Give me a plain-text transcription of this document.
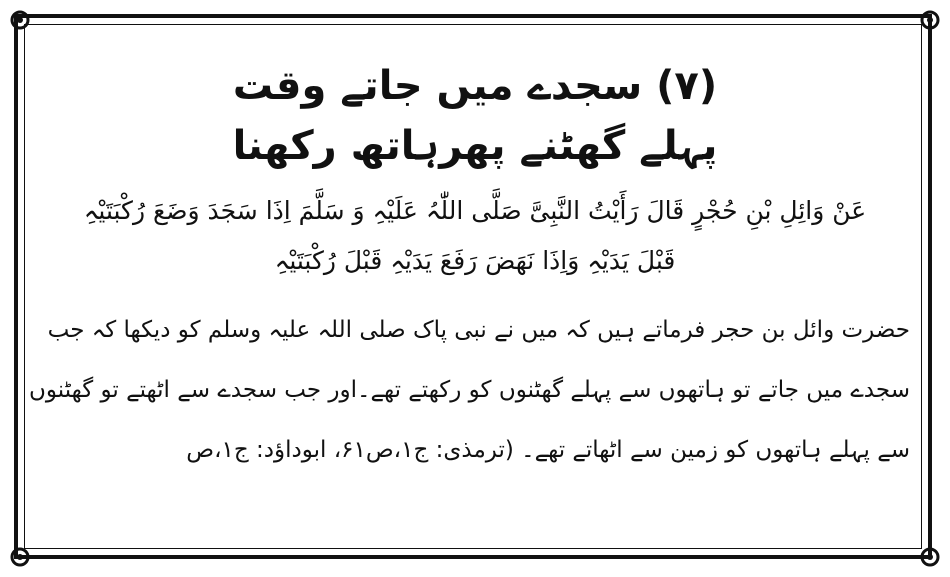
(۷) سجدے میں جاتے وقت

پہلے گھٹنے پھرہاتھ رکھنا

عَنْ وَائِلِ بْنِ حُجْرٍ قَالَ رَأَیْتُ النَّبِیَّ صَلَّی اللّٰہُ عَلَیْہِ وَ سَلَّمَ اِذَا سَجَدَ وَضَعَ رُکْبَتَیْہِ
قَبْلَ یَدَیْہِ وَاِذَا نَھَضَ رَفَعَ یَدَیْہِ قَبْلَ رُکْبَتَیْہِ
حضرت وائل بن حجر فرماتے ہیں کہ میں نے نبی پاک صلی اللہ علیہ وسلم کو دیکھا کہ جب
سجدے میں جاتے تو ہاتھوں سے پہلے گھٹنوں کو رکھتے تھے۔اور جب سجدے سے اٹھتے تو گھٹنوں
سے پہلے ہاتھوں کو زمین سے اٹھاتے تھے۔ (ترمذی: ج۱،ص۶۱، ابوداؤد: ج۱،ص
